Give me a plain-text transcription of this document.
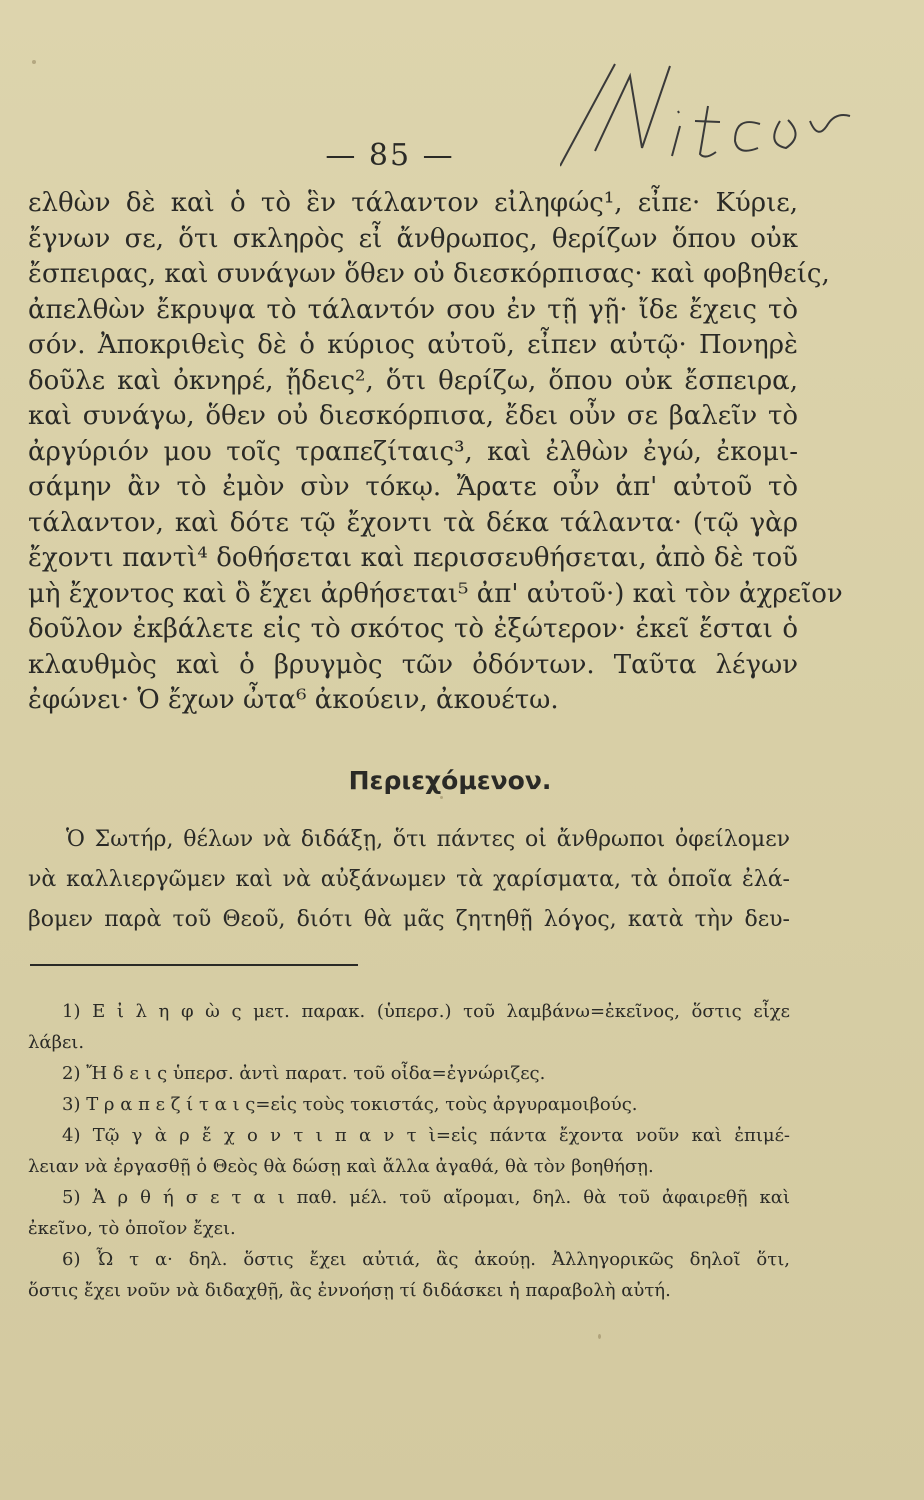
— 85 —
ελθὼν δὲ καὶ ὁ τὸ ἓν τάλαντον εἰληφώς¹, εἶπε· Κύριε,
ἔγνων σε, ὅτι σκληρὸς εἶ ἄνθρωπος, θερίζων ὅπου οὐκ
ἔσπειρας, καὶ συνάγων ὅθεν οὐ διεσκόρπισας· καὶ φοβηθείς,
ἀπελθὼν ἔκρυψα τὸ τάλαντόν σου ἐν τῇ γῇ· ἴδε ἔχεις τὸ
σόν. Ἀποκριθεὶς δὲ ὁ κύριος αὐτοῦ, εἶπεν αὐτῷ· Πονηρὲ
δοῦλε καὶ ὀκνηρέ, ᾔδεις², ὅτι θερίζω, ὅπου οὐκ ἔσπειρα,
καὶ συνάγω, ὅθεν οὐ διεσκόρπισα, ἔδει οὖν σε βαλεῖν τὸ
ἀργύριόν μου τοῖς τραπεζίταις³, καὶ ἐλθὼν ἐγώ, ἐκομι-
σάμην ἂν τὸ ἐμὸν σὺν τόκῳ. Ἄρατε οὖν ἀπ' αὐτοῦ τὸ
τάλαντον, καὶ δότε τῷ ἔχοντι τὰ δέκα τάλαντα· (τῷ γὰρ
ἔχοντι παντὶ⁴ δοθήσεται καὶ περισσευθήσεται, ἀπὸ δὲ τοῦ
μὴ ἔχοντος καὶ ὃ ἔχει ἀρθήσεται⁵ ἀπ' αὐτοῦ·) καὶ τὸν ἀχρεῖον
δοῦλον ἐκβάλετε εἰς τὸ σκότος τὸ ἐξώτερον· ἐκεῖ ἔσται ὁ
κλαυθμὸς καὶ ὁ βρυγμὸς τῶν ὀδόντων. Ταῦτα λέγων
ἐφώνει· Ὁ ἔχων ὦτα⁶ ἀκούειν, ἀκουέτω.
Περιεχόμενον.
Ὁ Σωτήρ, θέλων νὰ διδάξῃ, ὅτι πάντες οἱ ἄνθρωποι ὀφείλομεν
νὰ καλλιεργῶμεν καὶ νὰ αὐξάνωμεν τὰ χαρίσματα, τὰ ὁποῖα ἐλά-
βομεν παρὰ τοῦ Θεοῦ, διότι θὰ μᾶς ζητηθῇ λόγος, κατὰ τὴν δευ-
1) Ε ἰ λ η φ ὼ ς μετ. παρακ. (ὑπερσ.) τοῦ λαμβάνω=ἐκεῖνος, ὅστις εἶχε
λάβει.
2) Ἤ δ ε ι ς ὑπερσ. ἀντὶ παρατ. τοῦ οἶδα=ἐγνώριζες.
3) Τ ρ α π ε ζ ί τ α ι ς=εἰς τοὺς τοκιστάς, τοὺς ἀργυραμοιβούς.
4) Τῷ γ ὰ ρ ἔ χ ο ν τ ι π α ν τ ὶ=εἰς πάντα ἔχοντα νοῦν καὶ ἐπιμέ-
λειαν νὰ ἐργασθῇ ὁ Θεὸς θὰ δώσῃ καὶ ἄλλα ἀγαθά, θὰ τὸν βοηθήσῃ.
5) Ἀ ρ θ ή σ ε τ α ι παθ. μέλ. τοῦ αἴρομαι, δηλ. θὰ τοῦ ἀφαιρεθῇ καὶ
ἐκεῖνο, τὸ ὁποῖον ἔχει.
6) Ὦ τ α· δηλ. ὅστις ἔχει αὐτιά, ἂς ἀκούῃ. Ἀλληγορικῶς δηλοῖ ὅτι,
ὅστις ἔχει νοῦν νὰ διδαχθῇ, ἂς ἐννοήσῃ τί διδάσκει ἡ παραβολὴ αὐτή.
